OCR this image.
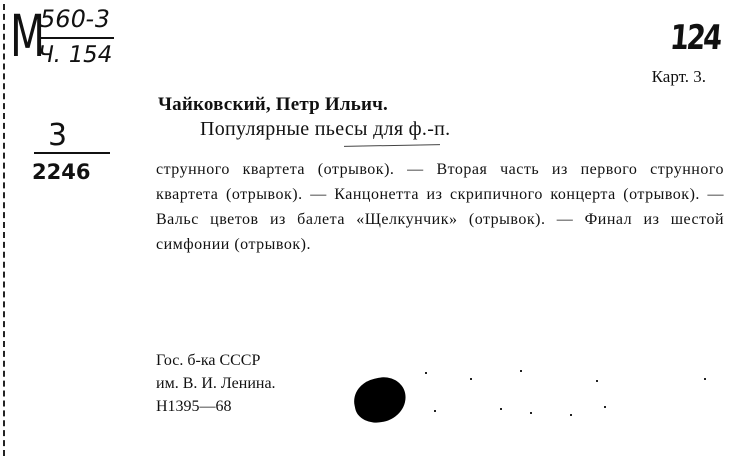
М
560-3
Ч. 154	124
Карт. 3.
3
2246
Чайковский, Петр Ильич.
Популярные пьесы для ф.-п.
струнного квартета (отрывок). — Вторая часть из первого струнного квартета (отрывок). — Канцонетта из скрипичного концерта (отрывок). — Вальс цветов из балета «Щелкунчик» (отрывок). — Финал из шестой симфонии (отрывок).
Гос. б-ка СССР
им. В. И. Ленина.
Н1395—68
